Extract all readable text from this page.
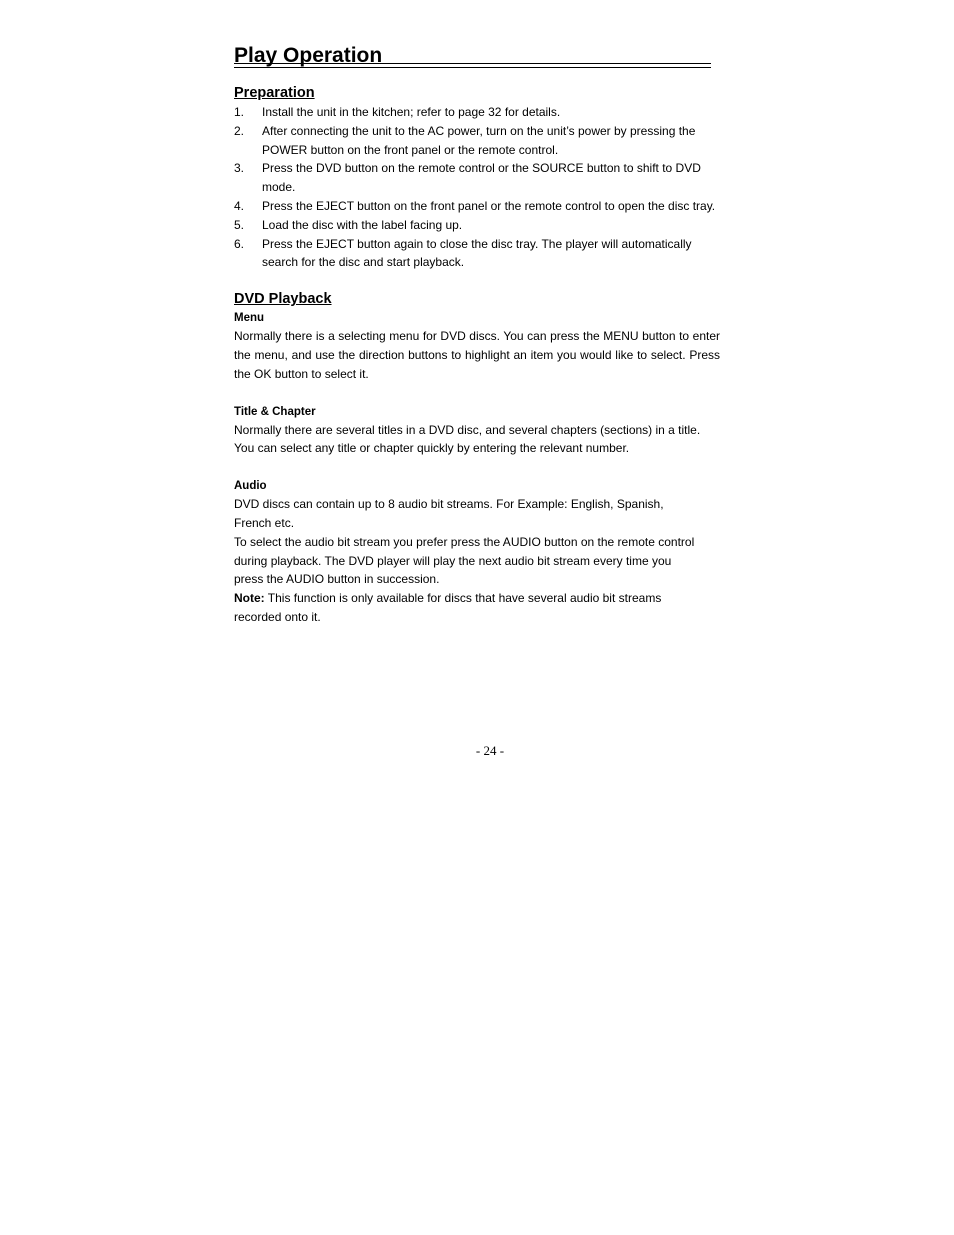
Play Operation
Preparation
1. Install the unit in the kitchen; refer to page 32 for details.
2. After connecting the unit to the AC power, turn on the unit’s power by pressing the POWER button on the front panel or the remote control.
3. Press the DVD button on the remote control or the SOURCE button to shift to DVD mode.
4. Press the EJECT button on the front panel or the remote control to open the disc tray.
5. Load the disc with the label facing up.
6. Press the EJECT button again to close the disc tray. The player will automatically search for the disc and start playback.
DVD Playback
Menu

Normally there is a selecting menu for DVD discs. You can press the MENU button to enter the menu, and use the direction buttons to highlight an item you would like to select. Press the OK button to select it.

Title & Chapter

Normally there are several titles in a DVD disc, and several chapters (sections) in a title.
You can select any title or chapter quickly by entering the relevant number.

Audio

DVD discs can contain up to 8 audio bit streams. For Example: English, Spanish,
French etc.
To select the audio bit stream you prefer press the AUDIO button on the remote control
during playback. The DVD player will play the next audio bit stream every time you
press the AUDIO button in succession.

Note: This function is only available for discs that have several audio bit streams
recorded onto it.

- 24 -
